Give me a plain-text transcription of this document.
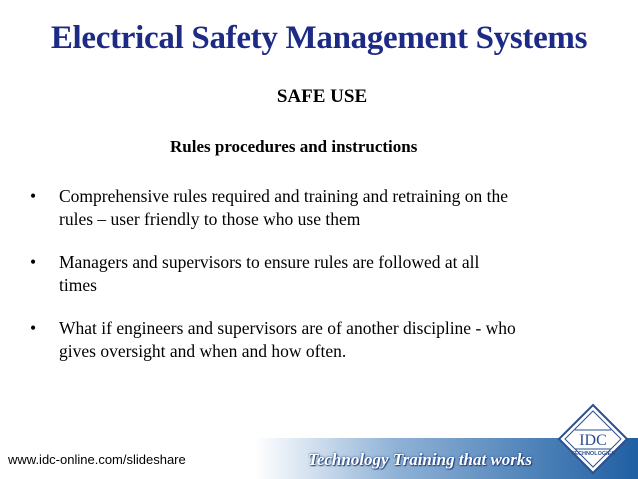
Electrical Safety Management Systems
SAFE USE
Rules procedures and instructions
• Comprehensive rules required and training and retraining on the
rules – user friendly to those who use them
• Managers and supervisors to ensure rules are followed at all
times
• What if engineers and supervisors are of another discipline - who
gives oversight and when and how often.
www.idc-online.com/slideshare	Technology Training that works
IDC
TECHNOLOGIES
